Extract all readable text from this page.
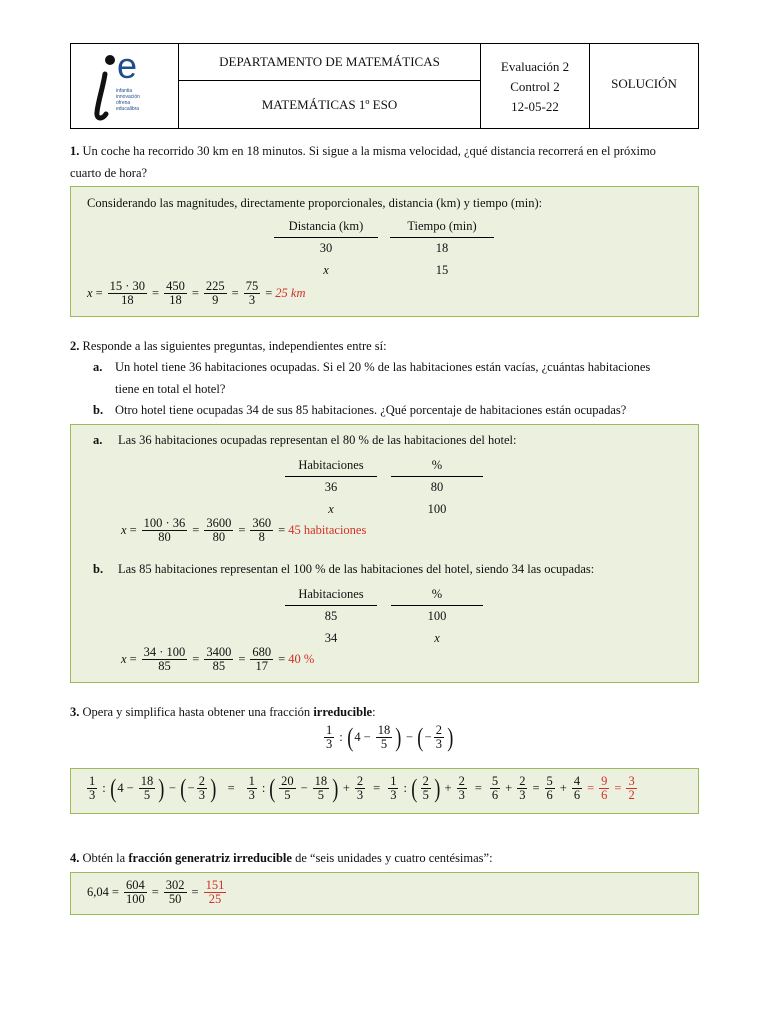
e
infantia
innovación
ofrena
educalibra
DEPARTAMENTO DE MATEMÁTICAS
MATEMÁTICAS 1º ESO
Evaluación 2
Control 2
12-05-22
SOLUCIÓN
1. Un coche ha recorrido 30 km en 18 minutos. Si sigue a la misma velocidad, ¿qué distancia recorrerá en el próximo
cuarto de hora?
Considerando las magnitudes, directamente proporcionales, distancia (km) y tiempo (min):
Distancia (km)	Tiempo (min)
30	18
x	15
$x = \frac{15 \cdot 30}{18} = \frac{450}{18} = \frac{225}{9} = \frac{75}{3} = 25$ km
2. Responde a las siguientes preguntas, independientes entre sí:
a. Un hotel tiene 36 habitaciones ocupadas. Si el 20 % de las habitaciones están vacías, ¿cuántas habitaciones
tiene en total el hotel?
b. Otro hotel tiene ocupadas 34 de sus 85 habitaciones. ¿Qué porcentaje de habitaciones están ocupadas?
a. Las 36 habitaciones ocupadas representan el 80 % de las habitaciones del hotel:
Habitaciones	%
36	80
x	100
$x = \frac{100 \cdot 36}{80} = \frac{3600}{80} = \frac{360}{8} = 45$ habitaciones
b. Las 85 habitaciones representan el 100 % de las habitaciones del hotel, siendo 34 las ocupadas:
Habitaciones	%
85	100
34	x
$x = \frac{34 \cdot 100}{85} = \frac{3400}{85} = \frac{680}{17} = 40$ %
3. Opera y simplifica hasta obtener una fracción irreducible:
1
3 : ( $4 - \frac{18}{5}$ ) − ( − $\frac{2}{3}$ )
1
3 : ( $4 - \frac{18}{5}$ ) − ( − $\frac{2}{3}$ ) = $\frac{1}{3}$ : ( 20
$5 - \frac{18}{5}$ ) + $\frac{2}{3} = \frac{1}{3}$ : ( 2
5 ) + $\frac{2}{3} = \frac{5}{6} + \frac{2}{3} = \frac{5}{6} + \frac{4}{6} = \frac{9}{6} = \frac{3}{2}$
4. Obtén la fracción generatriz irreducible de “seis unidades y cuatro centésimas”:
$6,04 = \frac{604}{100} = \frac{302}{50} = \frac{151}{25}$
